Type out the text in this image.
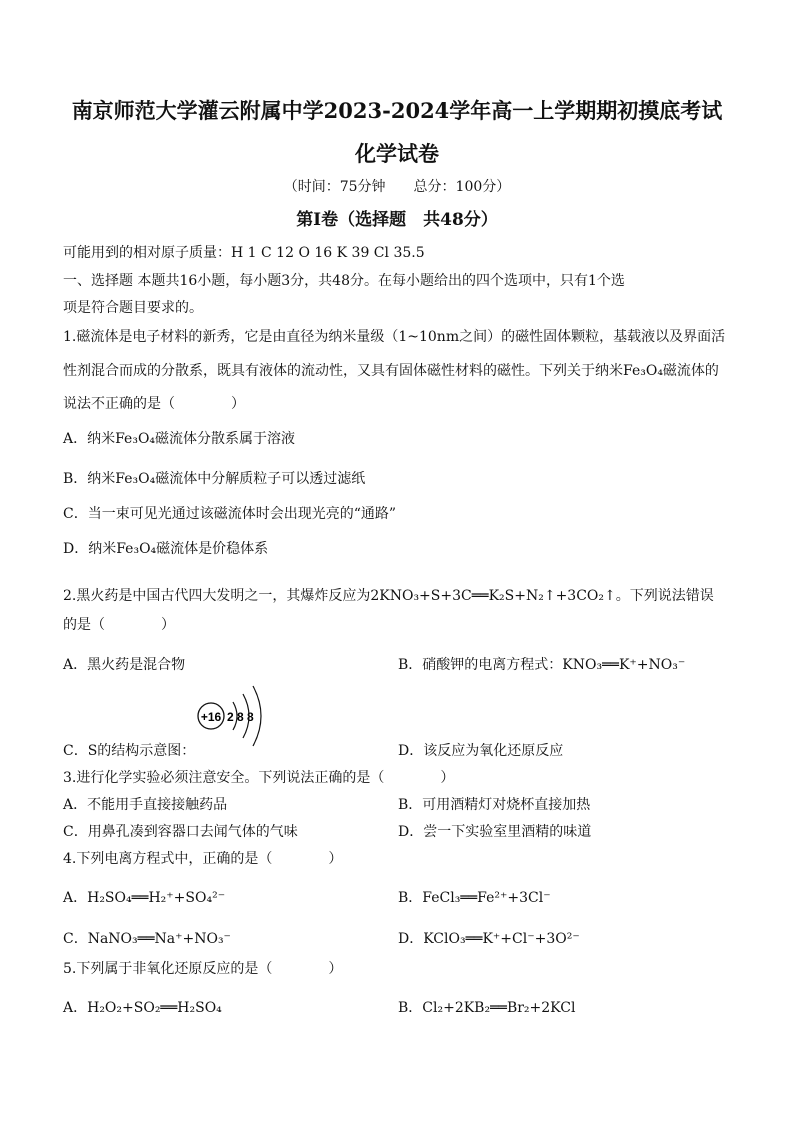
南京师范大学灌云附属中学2023-2024学年高一上学期期初摸底考试
化学试卷
（时间：75分钟　　总分：100分）
第Ⅰ卷（选择题　共48分）
可能用到的相对原子质量：H 1 C 12 O 16 K 39 Cl 35.5
一、选择题 本题共16小题，每小题3分，共48分。在每小题给出的四个选项中，只有1个选
项是符合题目要求的。
1.磁流体是电子材料的新秀，它是由直径为纳米量级（1~10nm之间）的磁性固体颗粒，基载液以及界面活
性剂混合而成的分散系，既具有液体的流动性，又具有固体磁性材料的磁性。下列关于纳米Fe₃O₄磁流体的
说法不正确的是（　　　　）
A．纳米Fe₃O₄磁流体分散系属于溶液
B．纳米Fe₃O₄磁流体中分解质粒子可以透过滤纸
C．当一束可见光通过该磁流体时会出现光亮的“通路”
D．纳米Fe₃O₄磁流体是价稳体系
2.黑火药是中国古代四大发明之一，其爆炸反应为2KNO₃+S+3C══K₂S+N₂↑+3CO₂↑。下列说法错误
的是（　　　　）
A．黑火药是混合物	B．硝酸钾的电离方程式：KNO₃══K⁺+NO₃⁻
+16 2 8 8
C．S的结构示意图：	D．该反应为氧化还原反应
3.进行化学实验必须注意安全。下列说法正确的是（　　　　）
A．不能用手直接接触药品	B．可用酒精灯对烧杯直接加热
C．用鼻孔凑到容器口去闻气体的气味	D．尝一下实验室里酒精的味道
4.下列电离方程式中，正确的是（　　　　）
A．H₂SO₄══H₂⁺+SO₄²⁻	B．FeCl₃══Fe²⁺+3Cl⁻
C．NaNO₃══Na⁺+NO₃⁻	D．KClO₃══K⁺+Cl⁻+3O²⁻
5.下列属于非氧化还原反应的是（　　　　）
A．H₂O₂+SO₂══H₂SO₄	B．Cl₂+2KB₂══Br₂+2KCl
